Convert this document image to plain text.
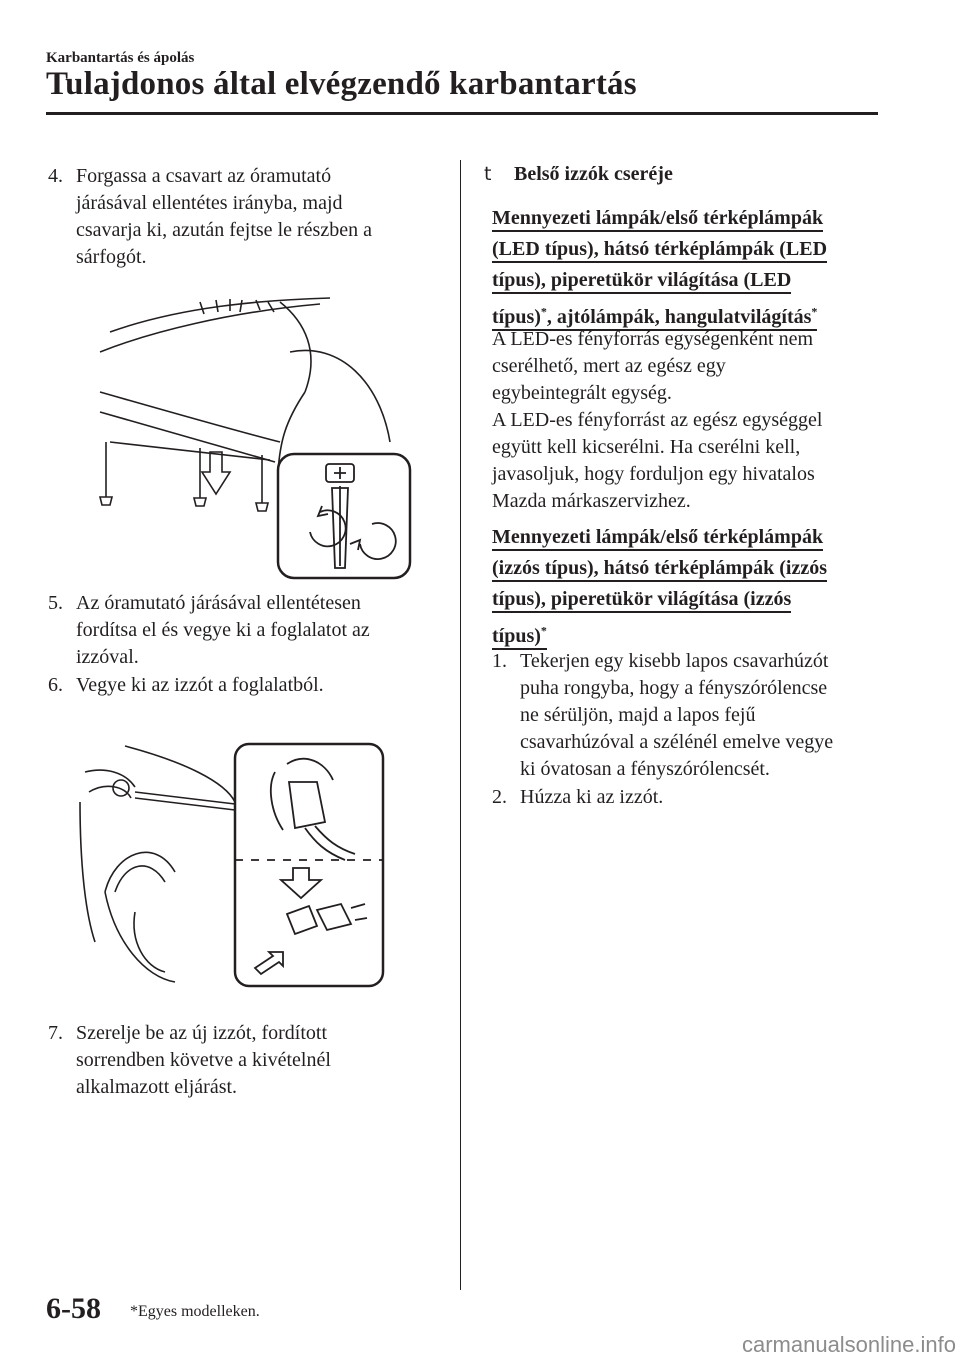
Karbantartás és ápolás
Tulajdonos által elvégzendő karbantartás
4. Forgassa a csavart az óramutató
járásával ellentétes irányba, majd
csavarja ki, azután fejtse le részben a
sárfogót.
5. Az óramutató járásával ellentétesen
fordítsa el és vegye ki a foglalatot az
izzóval.
6. Vegye ki az izzót a foglalatból.
7. Szerelje be az új izzót, fordított
sorrendben követve a kivételnél
alkalmazott eljárást.
t Belső izzók cseréje
Mennyezeti lámpák/első térképlámpák
(LED típus), hátsó térképlámpák (LED
típus), piperetükör világítása (LED
típus)*, ajtólámpák, hangulatvilágítás*
A LED-es fényforrás egységenként nem
cserélhető, mert az egész egy
egybeintegrált egység.
A LED-es fényforrást az egész egységgel
együtt kell kicserélni. Ha cserélni kell,
javasoljuk, hogy forduljon egy hivatalos
Mazda márkaszervizhez.
Mennyezeti lámpák/első térképlámpák
(izzós típus), hátsó térképlámpák (izzós
típus), piperetükör világítása (izzós
típus)*
1. Tekerjen egy kisebb lapos csavarhúzót
puha rongyba, hogy a fényszórólencse
ne sérüljön, majd a lapos fejű
csavarhúzóval a szélénél emelve vegye
ki óvatosan a fényszórólencsét.
2. Húzza ki az izzót.
6-58 *Egyes modelleken.
carmanualsonline.info
